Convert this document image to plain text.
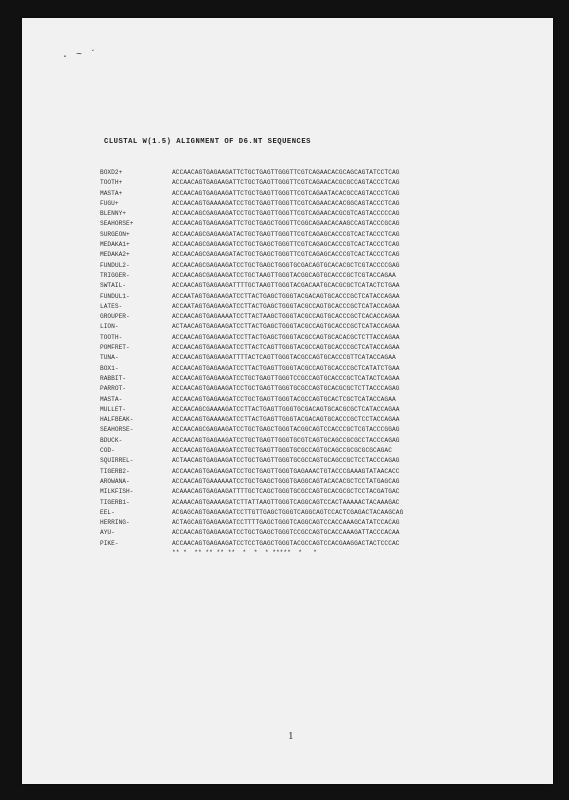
. ~ ´
CLUSTAL W(1.5) ALIGNMENT OF D6.NT SEQUENCES
BOXD2+	ACCAACAGTGAGAAGATTCTGCTGAGTTGGGTTCGTCAGAACACGCAGCAGTATCCTCAG
TOOTH+	ACCAACAGTGAGAAGATTCTGCTGAGTTGGGTTCGTCAGAACACGCGCCAGTACCCTCAG
MASTA+	ACCAACAGTGAGAAGATTCTGCTGAGTTGGGTTCGTCAGAATACACGCCAGTACCCTCAG
FUGU+	ACCAACAGTGAAAAGATCCTGCTGAGTTGGGTTCGTCAGAACACACGGCAGTACCCTCAG
BLENNY+	ACCAACAGCGAGAAGATCCTGCTGAGTTGGGTTCGTCAGAACACGCGTCAGTACCCCCAG
SEAHORSE+	ACCAACAGTGAGAAGATTCTGCTGAGCTGGGTTCGGCAGAACACAAGCCAGTACCCGCAG
SURGEON+	ACCAACAGCGAGAAGATACTGCTGAGTTGGGTTCGTCAGAGCACCCGTCACTACCCTCAG
MEDAKA1+	ACCAACAGCGAGAAGATCCTGCTGAGCTGGGTTCGTCAGAGCACCCGTCACTACCCTCAG
MEDAKA2+	ACCAACAGCGAGAAGATACTGCTGAGCTGGGTTCGTCAGAGCACCCGTCACTACCCTCAG
FUNDUL2-	ACCAACAGCGAGAAGATCCTGCTGAGCTGGGTGCGACAGTGCACACGCTCGTACCCCGAG
TRIGGER-	ACCAACAGCGAGAAGATCCTGCTAAGTTGGGTACGGCAGTGCACCCGCTCGTACCAGAA
SWTAIL-	ACCAACAGTGAGAAGATTTTGCTAAGTTGGGTACGACAATGCACGCGCTCATACTCTGAA
FUNDUL1-	ACCAATAGTGAGAAGATCCTTACTGAGCTGGGTACGACAGTGCACCCGCTCATACCAGAA
LATES-	ACCAATAGTGAGAAGATCCTTACTGAGCTGGGTACGCCAGTGCACCCGCTCATACCAGAA
GROUPER-	ACCAACAGTGAGAAAATCCTTACTAAGCTGGGTACGCCAGTGCACCCGCTCACACCAGAA
LION-	ACTAACAGTGAGAAGATCCTTACTGAGCTGGGTACGCCAGTGCACCCGCTCATACCAGAA
TOOTH-	ACCAACAGTGAGAAGATCCTTACTGAGCTGGGTACGCCAGTGCACACGCTCTTACCAGAA
POMFRET-	ACCAACAGTGAGAAGATCCTTACTCAGTTGGGTACGCCAGTGCACCCGCTCATACCAGAA
TUNA-	ACCAACAGTGAGAAGATTTTACTCAGTTGGGTACGCCAGTGCACCCGTTCATACCAGAA
BOX1-	ACCAACAGTGAGAAGATCCTTACTGAGTTGGGTACGCCAGTGCACCCGCTCATATCTGAA
RABBIT-	ACCAACAGTGAGAAGATCCTGCTGAGTTGGGTCCGCCAGTGCACCCGCTCATACTCAGAA
PARROT-	ACCAACAGTGAGAAGATCCTGCTGAGTTGGGTGCGCCAGTGCACGCGCTCTTACCCAGAG
MASTA-	ACCAACAGTGAGAAGATCCTGCTGAGTTGGGTACGCCAGTGCACTCGCTCATACCAGAA
MULLET-	ACCAACAGCGAAAAGATCCTTACTGAGTTGGGTGCGACAGTGCACGCGCTCATACCAGAA
HALFBEAK-	ACCAACAGTGAAAAGATCCTTACTGAGTTGGGTACGACAGTGCACCCGCTCCTACCAGAA
SEAHORSE-	ACCAACAGCGAGAAGATCCTGCTGAGCTGGGTACGGCAGTCCACCCGCTCGTACCCGGAG
BDUCK-	ACCAACAGTGAGAAGATCCTGCTGAGTTGGGTGCGTCAGTGCAGCCGCGCCTACCCAGAG
COD-	ACCAACAGTGAGAAGATCCTGCTGAGTTGGGTGCGCCAGTGCAGCCGCGCGCGCAGAC
SQUIRREL-	ACTAACAGTGAGAAGATCCTGCTGAGTTGGGTGCGCCAGTGCAGCCGCTCCTACCCAGAG
TIGERB2-	ACCAACAGTGAGAAGATCCTGCTGAGTTGGGTGAGAAACTGTACCCGAAAGTATAACACC
AROWANA-	ACCAACAGTGAAAAAATCCTGCTGAGCTGGGTGAGGCAGTACACACGCTCCTATGAGCAG
MILKFISH-	ACAAACAGTGAGAAGATTTTGCTCAGCTGGGTGCGCCAGTGCACGCGCTCCTACGATGAC
TIGERB1-	ACAAACAGTGAAAAGATCTTATTAAGTTGGGTCAGGCAGTCCACTAAAAACTACAAAGAC
EEL-	ACGAGCAGTGAGAAGATCCTTGTTGAGCTGGGTCAGGCAGTCCACTCGAGACTACAAGCAG
HERRING-	ACTAGCAGTGAGAAGATCCTTTTGAGCTGGGTCAGGCAGTCCACCAAAGCATATCCACAG
AYU-	ACCAACAGTGAGAAGATCCTGCTGAGCTGGGTCCGCCAGTGCACCAAAGATTACCCACAA
PIKE-	ACCAACAGTGAGAAGATCCTCCTGAGCTGGGTACGCCAGTCCACGAAGGACTACTCCCAC
** *  ** ** ** **  *  *  * *****  *   *
1
